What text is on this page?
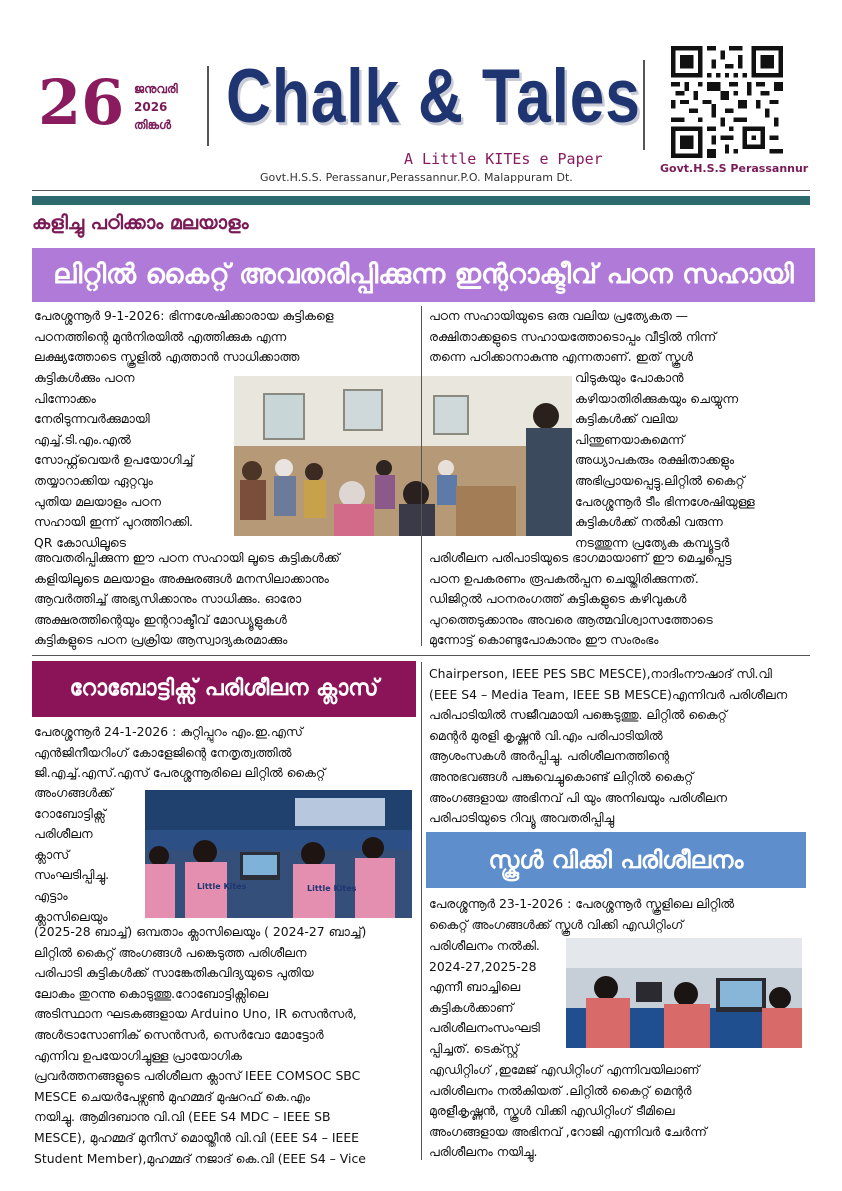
26 ജനുവരി
2026
തിങ്കൾ Chalk & Tales
A Little KITEs e Paper
Govt.H.S.S. Perassanur,Perassannur.P.O. Malappuram Dt.
Govt.H.S.S Perassannur
കളിച്ചു പഠിക്കാം മലയാളം
ലിറ്റിൽ കൈറ്റ് അവതരിപ്പിക്കുന്ന ഇന്ററാക്ടീവ് പഠന സഹായി
പേരശ്ശന്നൂർ 9-1-2026: ഭിന്നശേഷിക്കാരായ കുട്ടികളെ
പഠനത്തിന്റെ മുൻനിരയിൽ എത്തിക്കുക എന്ന
ലക്ഷ്യത്തോടെ സ്കൂളിൽ എത്താൻ സാധിക്കാത്ത
കുട്ടികൾക്കും പഠന
പിന്നോക്കം
നേരിടുന്നവർക്കുമായി
എച്ച്.ടി.എം.എൽ
സോഫ്റ്റ്‌വെയർ ഉപയോഗിച്ച്
തയ്യാറാക്കിയ ഏറ്റവും
പുതിയ മലയാളം പഠന
സഹായി ഇന്ന് പുറത്തിറക്കി.
QR കോഡിലൂടെ
അവതരിപ്പിക്കുന്ന ഈ പഠന സഹായി ലൂടെ കുട്ടികൾക്ക്
കളിയിലൂടെ മലയാളം അക്ഷരങ്ങൾ മനസിലാക്കാനും
ആവർത്തിച്ച് അഭ്യസിക്കാനും സാധിക്കും. ഓരോ
അക്ഷരത്തിന്റെയും ഇന്ററാക്ടീവ് മോഡ്യൂളുകൾ
കുട്ടികളുടെ പഠന പ്രക്രിയ ആസ്വാദ്യകരമാക്കും
പഠന സഹായിയുടെ ഒരു വലിയ പ്രത്യേകത —
രക്ഷിതാക്കളുടെ സഹായത്തോടൊപ്പം വീട്ടിൽ നിന്ന്
തന്നെ പഠിക്കാനാകുന്നു എന്നതാണ്. ഇത് സ്കൂൾ
വിടുകയും പോകാൻ
കഴിയാതിരിക്കുകയും ചെയ്യുന്ന
കുട്ടികൾക്ക് വലിയ
പിന്തുണയാകുമെന്ന്
അധ്യാപകരും രക്ഷിതാക്കളും
അഭിപ്രായപ്പെട്ടു.ലിറ്റിൽ കൈറ്റ്
പേരശ്ശന്നൂർ ടീം ഭിന്നശേഷിയുള്ള
കുട്ടികൾക്ക് നൽകി വരുന്ന
നടത്തുന്ന പ്രത്യേക കമ്പ്യൂട്ടർ
പരിശീലന പരിപാടിയുടെ ഭാഗമായാണ് ഈ മെച്ചപ്പെട്ട
പഠന ഉപകരണം രൂപകൽപ്പന ചെയ്തിരിക്കുന്നത്.
ഡിജിറ്റൽ പഠനരംഗത്ത് കുട്ടികളുടെ കഴിവുകൾ
പുറത്തെടുക്കാനും അവരെ ആത്മവിശ്വാസത്തോടെ
മുന്നോട്ട് കൊണ്ടുപോകാനും ഈ സംരംഭം
റോബോട്ടിക്സ് പരിശീലന ക്ലാസ്
പേരശ്ശന്നൂർ 24-1-2026 : കുറ്റിപ്പുറം എം.ഇ.എസ്
എൻജിനീയറിംഗ് കോളേജിന്റെ നേതൃത്വത്തിൽ
ജി.എച്ച്.എസ്.എസ് പേരശ്ശന്നൂരിലെ ലിറ്റിൽ കൈറ്റ്
അംഗങ്ങൾക്ക്
റോബോട്ടിക്സ്
പരിശീലന
ക്ലാസ്
സംഘടിപ്പിച്ചു.
എട്ടാം
ക്ലാസിലെയും
(2025-28 ബാച്ച്) ഒമ്പതാം ക്ലാസിലെയും ( 2024-27 ബാച്ച്)
ലിറ്റിൽ കൈറ്റ് അംഗങ്ങൾ പങ്കെടുത്ത പരിശീലന
പരിപാടി കുട്ടികൾക്ക് സാങ്കേതികവിദ്യയുടെ പുതിയ
ലോകം തുറന്നു കൊടുത്തു.റോബോട്ടിക്സിലെ
അടിസ്ഥാന ഘടകങ്ങളായ Arduino Uno, IR സെൻസർ,
അൾട്രാസോണിക് സെൻസർ, സെർവോ മോട്ടോർ
എന്നിവ ഉപയോഗിച്ചുള്ള പ്രായോഗിക
പ്രവർത്തനങ്ങളുടെ പരിശീലന ക്ലാസ് IEEE COMSOC SBC
MESCE ചെയർപേഴ്സൺ മുഹമ്മദ് മുഷറഫ് കെ.എം
നയിച്ചു. ആമിദബാനു വി.വി (EEE S4 MDC – IEEE SB
MESCE), മുഹമ്മദ് മുനീസ് മൊയ്തീൻ വി.വി (EEE S4 – IEEE
Student Member),മുഹമ്മദ് നജാദ് കെ.വി (EEE S4 – Vice
Little Kites	Little Kites
Chairperson, IEEE PES SBC MESCE),നാദിംനൗഷാദ് സി.വി
(EEE S4 – Media Team, IEEE SB MESCE)എന്നിവർ പരിശീലന
പരിപാടിയിൽ സജീവമായി പങ്കെടുത്തു. ലിറ്റിൽ കൈറ്റ്
മെന്റർ മുരളി കൃഷ്ണൻ വി.എം പരിപാടിയിൽ
ആശംസകൾ അർപ്പിച്ചു. പരിശീലനത്തിന്റെ
അനുഭവങ്ങൾ പങ്കുവെച്ചുകൊണ്ട് ലിറ്റിൽ കൈറ്റ്
അംഗങ്ങളായ അഭിനവ് പി യും അനിഖയും പരിശീലന
പരിപാടിയുടെ റിവ്യൂ അവതരിപ്പിച്ചു
സ്കൂൾ വിക്കി പരിശീലനം
പേരശ്ശന്നൂർ 23-1-2026 : പേരശ്ശന്നൂർ സ്കൂളിലെ ലിറ്റിൽ
കൈറ്റ് അംഗങ്ങൾക്ക് സ്കൂൾ വിക്കി എഡിറ്റിംഗ്
പരിശീലനം നൽകി.
2024-27,2025-28
എന്നീ ബാച്ചിലെ
കുട്ടികൾക്കാണ്
പരിശീലനംസംഘടി
പ്പിച്ചത്. ടെക്സ്റ്റ്
എഡിറ്റിംഗ് ,ഇമേജ് എഡിറ്റിംഗ് എന്നിവയിലാണ്
പരിശീലനം നൽകിയത് .ലിറ്റിൽ കൈറ്റ് മെന്റർ
മുരളീകൃഷ്ണൻ, സ്കൂൾ വിക്കി എഡിറ്റിംഗ് ടീമിലെ
അംഗങ്ങളായ അഭിനവ് ,റോജി എന്നിവർ ചേർന്ന്
പരിശീലനം നയിച്ചു.
